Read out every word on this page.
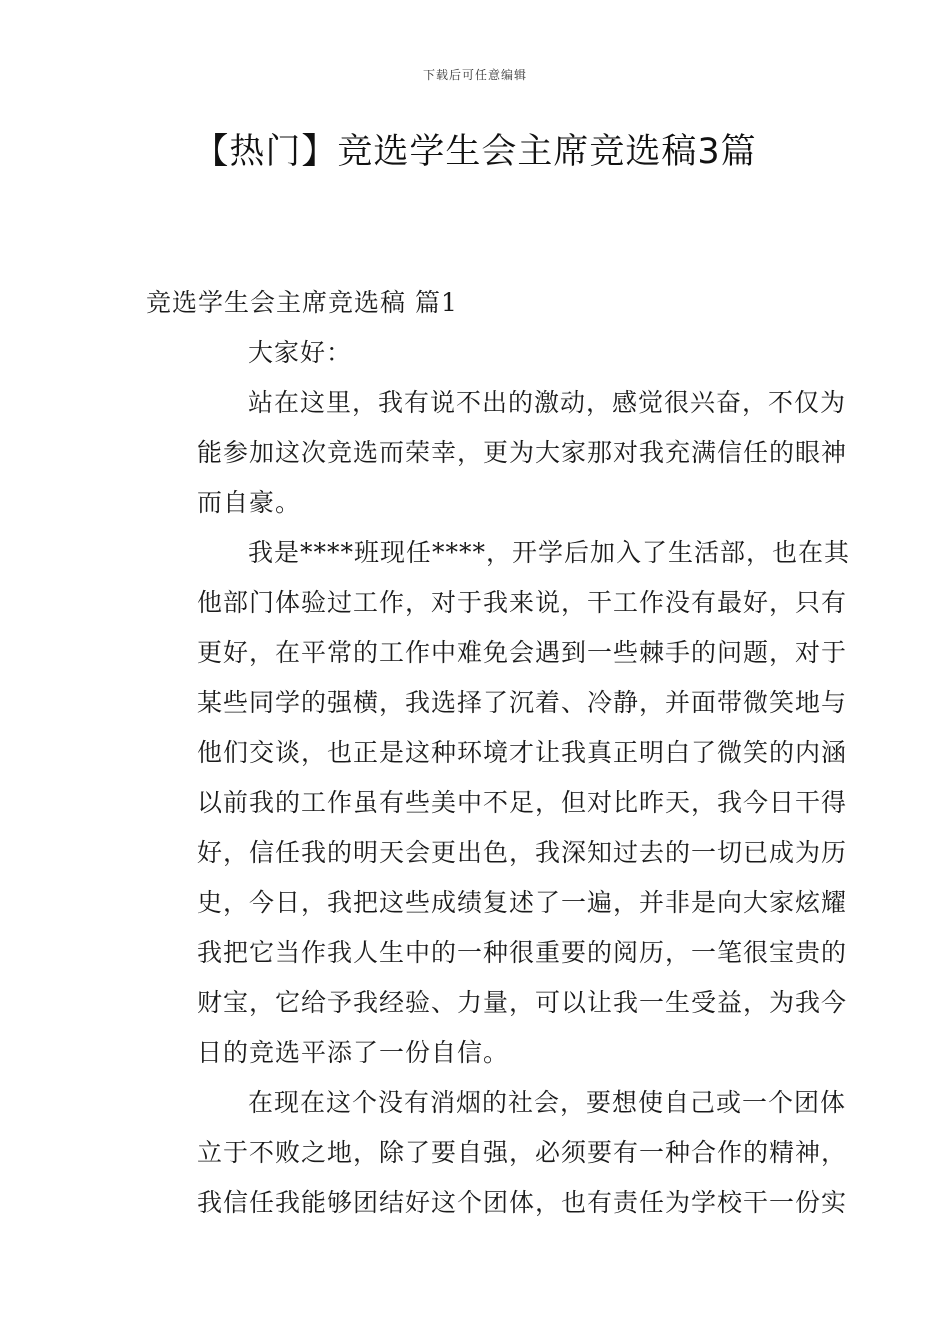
下载后可任意编辑
【热门】竞选学生会主席竞选稿3篇
竞选学生会主席竞选稿 篇1
大家好：
站在这里，我有说不出的激动，感觉很兴奋，不仅为
能参加这次竞选而荣幸，更为大家那对我充满信任的眼神
而自豪。
我是****班现任****，开学后加入了生活部，也在其
他部门体验过工作，对于我来说，干工作没有最好，只有
更好，在平常的工作中难免会遇到一些棘手的问题，对于
某些同学的强横，我选择了沉着、冷静，并面带微笑地与
他们交谈，也正是这种环境才让我真正明白了微笑的内涵
以前我的工作虽有些美中不足，但对比昨天，我今日干得
好，信任我的明天会更出色，我深知过去的一切已成为历
史，今日，我把这些成绩复述了一遍，并非是向大家炫耀
我把它当作我人生中的一种很重要的阅历，一笔很宝贵的
财宝，它给予我经验、力量，可以让我一生受益，为我今
日的竞选平添了一份自信。
在现在这个没有消烟的社会，要想使自己或一个团体
立于不败之地，除了要自强，必须要有一种合作的精神，
我信任我能够团结好这个团体，也有责任为学校干一份实
